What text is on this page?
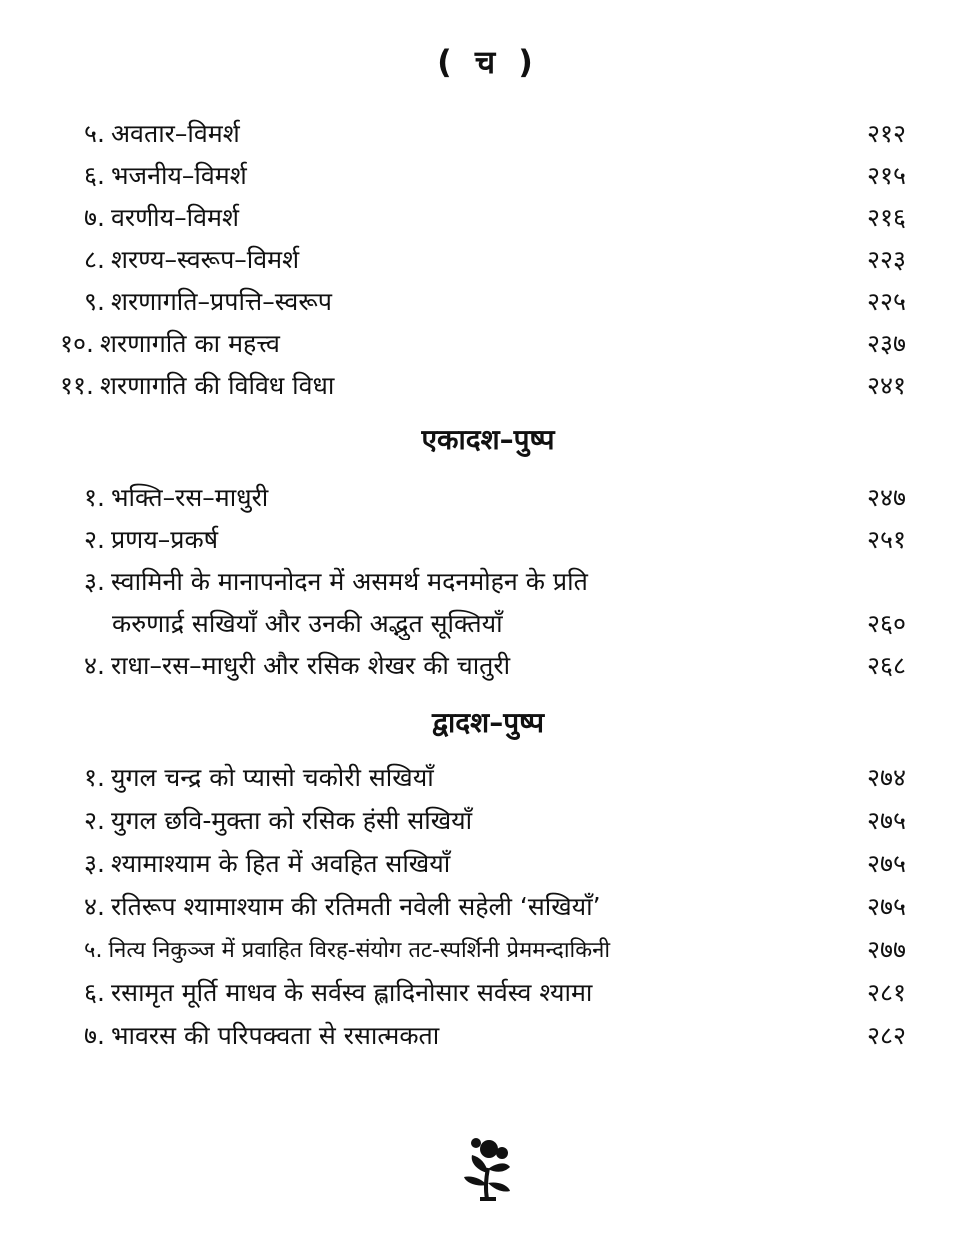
( च )
५. अवतार–विमर्श	२१२
६. भजनीय–विमर्श	२१५
७. वरणीय–विमर्श	२१६
८. शरण्य–स्वरूप–विमर्श	२२३
९. शरणागति–प्रपत्ति–स्वरूप	२२५
१०. शरणागति का महत्त्व	२३७
११. शरणागति की विविध विधा	२४१
एकादश–पुष्प
१. भक्ति–रस–माधुरी	२४७
२. प्रणय–प्रकर्ष	२५१
३. स्वामिनी के मानापनोदन में असमर्थ मदनमोहन के प्रति
करुणार्द्र सखियाँ और उनकी अद्भुत सूक्तियाँ	२६०
४. राधा–रस–माधुरी और रसिक शेखर की चातुरी	२६८
द्वादश–पुष्प
१. युगल चन्द्र को प्यासो चकोरी सखियाँ	२७४
२. युगल छवि-मुक्ता को रसिक हंसी सखियाँ	२७५
३. श्यामाश्याम के हित में अवहित सखियाँ	२७५
४. रतिरूप श्यामाश्याम की रतिमती नवेली सहेली ‘सखियाँ’	२७५
५. नित्य निकुञ्ज में प्रवाहित विरह-संयोग तट-स्पर्शिनी प्रेममन्दाकिनी	२७७
६. रसामृत मूर्ति माधव के सर्वस्व ह्लादिनोसार सर्वस्व श्यामा	२८१
७. भावरस की परिपक्वता से रसात्मकता	२८२
